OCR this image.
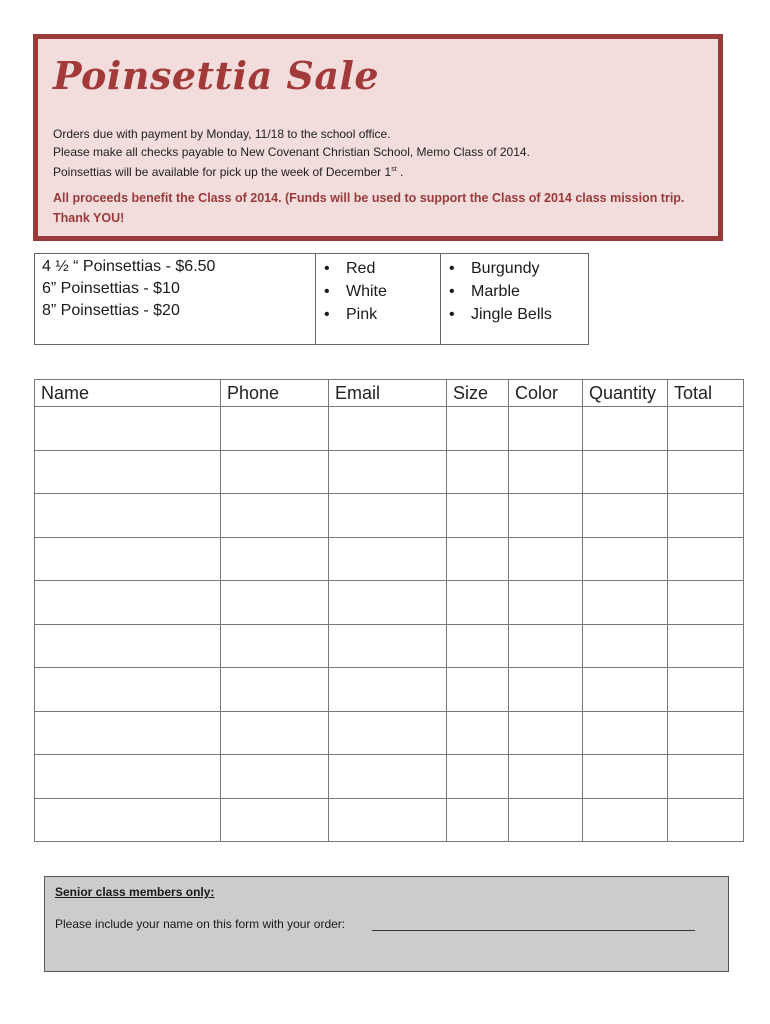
Poinsettia Sale
Orders due with payment by Monday, 11/18 to the school office.
Please make all checks payable to New Covenant Christian School, Memo Class of 2014.
Poinsettias will be available for pick up the week of December 1st .
All proceeds benefit the Class of 2014. (Funds will be used to support the Class of 2014 class mission trip. Thank YOU!
4 ½ “ Poinsettias - $6.50
6” Poinsettias - $10
8” Poinsettias - $20
• Red
• White
• Pink
• Burgundy
• Marble
• Jingle Bells
Name	Phone	Email	Size	Color	Quantity	Total

Senior class members only:
Please include your name on this form with your order:
